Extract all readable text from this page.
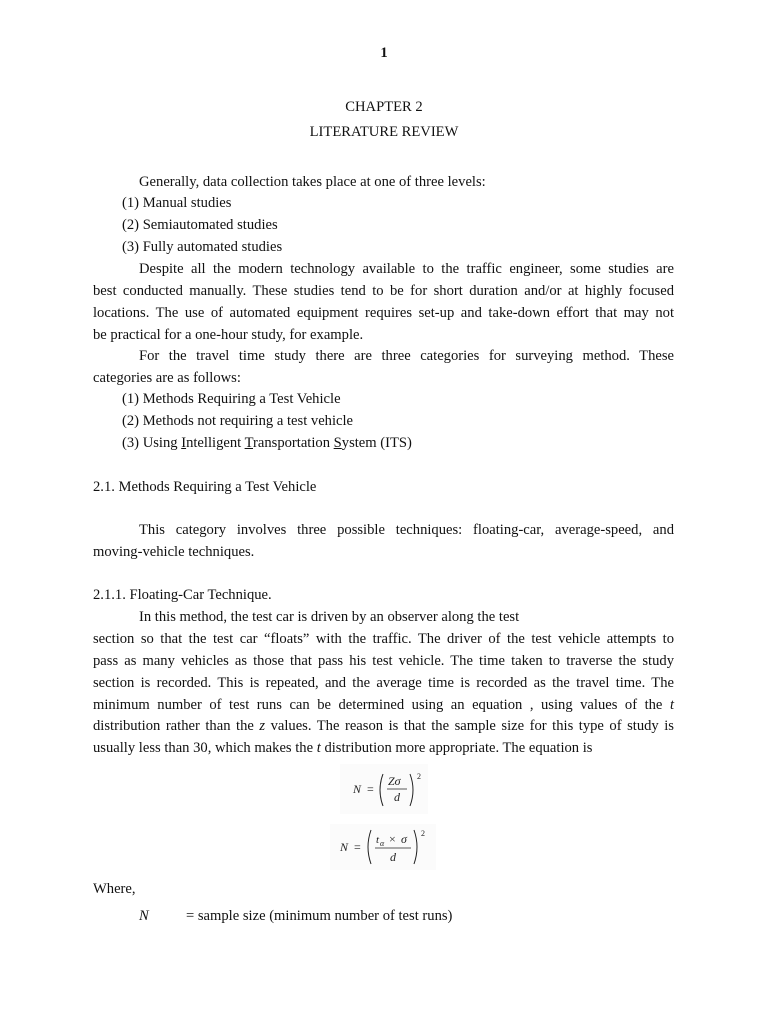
1
CHAPTER 2
LITERATURE REVIEW
Generally, data collection takes place at one of three levels:
(1) Manual studies
(2) Semiautomated studies
(3) Fully automated studies
Despite all the modern technology available to the traffic engineer, some studies are
best conducted manually. These studies tend to be for short duration and/or at highly focused
locations. The use of automated equipment requires set-up and take-down effort that may not
be practical for a one-hour study, for example.
For the travel time study there are three categories for surveying method. These
categories are as follows:
(1) Methods Requiring a Test Vehicle
(2) Methods not requiring a test vehicle
(3) Using Intelligent Transportation System (ITS)
2.1. Methods Requiring a Test Vehicle
This category involves three possible techniques: floating-car, average-speed, and
moving-vehicle techniques.
2.1.1. Floating-Car Technique.
In this method, the test car is driven by an observer along the test
section so that the test car “floats” with the traffic. The driver of the test vehicle attempts to
pass as many vehicles as those that pass his test vehicle. The time taken to traverse the study
section is recorded. This is repeated, and the average time is recorded as the travel time. The
minimum number of test runs can be determined using an equation , using values of the t
distribution rather than the z values. The reason is that the sample size for this type of study is
usually less than 30, which makes the t distribution more appropriate. The equation is
N =
Zσ
d
2
N = t α × σ
d
2
Where,
N	= sample size (minimum number of test runs)
